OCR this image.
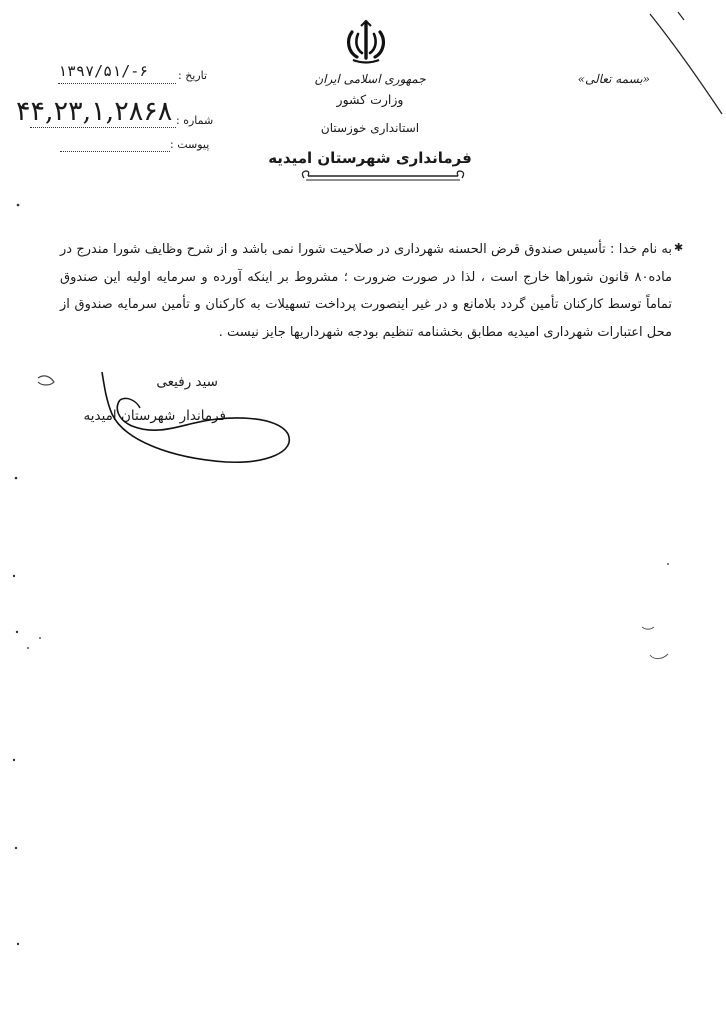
جمهوری اسلامی ایران
وزارت کشور
استانداری خوزستان
فرمانداری شهرستان امیدیه
تاریخ :
۱۳۹۷/۵۱/-۶
شماره :
۴۴,۲۳,۱,۲۸۶۸
پیوست :
«بسمه تعالی»
✱
به نام خدا : تأسیس صندوق قرض الحسنه شهرداری در صلاحیت شورا نمی باشد و از شرح وظایف شورا مندرج در ماده۸۰ قانون شوراها خارج است ، لذا در صورت ضرورت ؛ مشروط بر اینکه آورده و سرمایه اولیه این صندوق تماماً توسط کارکنان تأمین گردد بلامانع و در غیر اینصورت پرداخت تسهیلات به کارکنان و تأمین سرمایه صندوق از محل اعتبارات شهرداری امیدیه مطابق بخشنامه تنظیم بودجه شهرداریها جایز نیست .
سید رفیعی
فرماندار شهرستان امیدیه
